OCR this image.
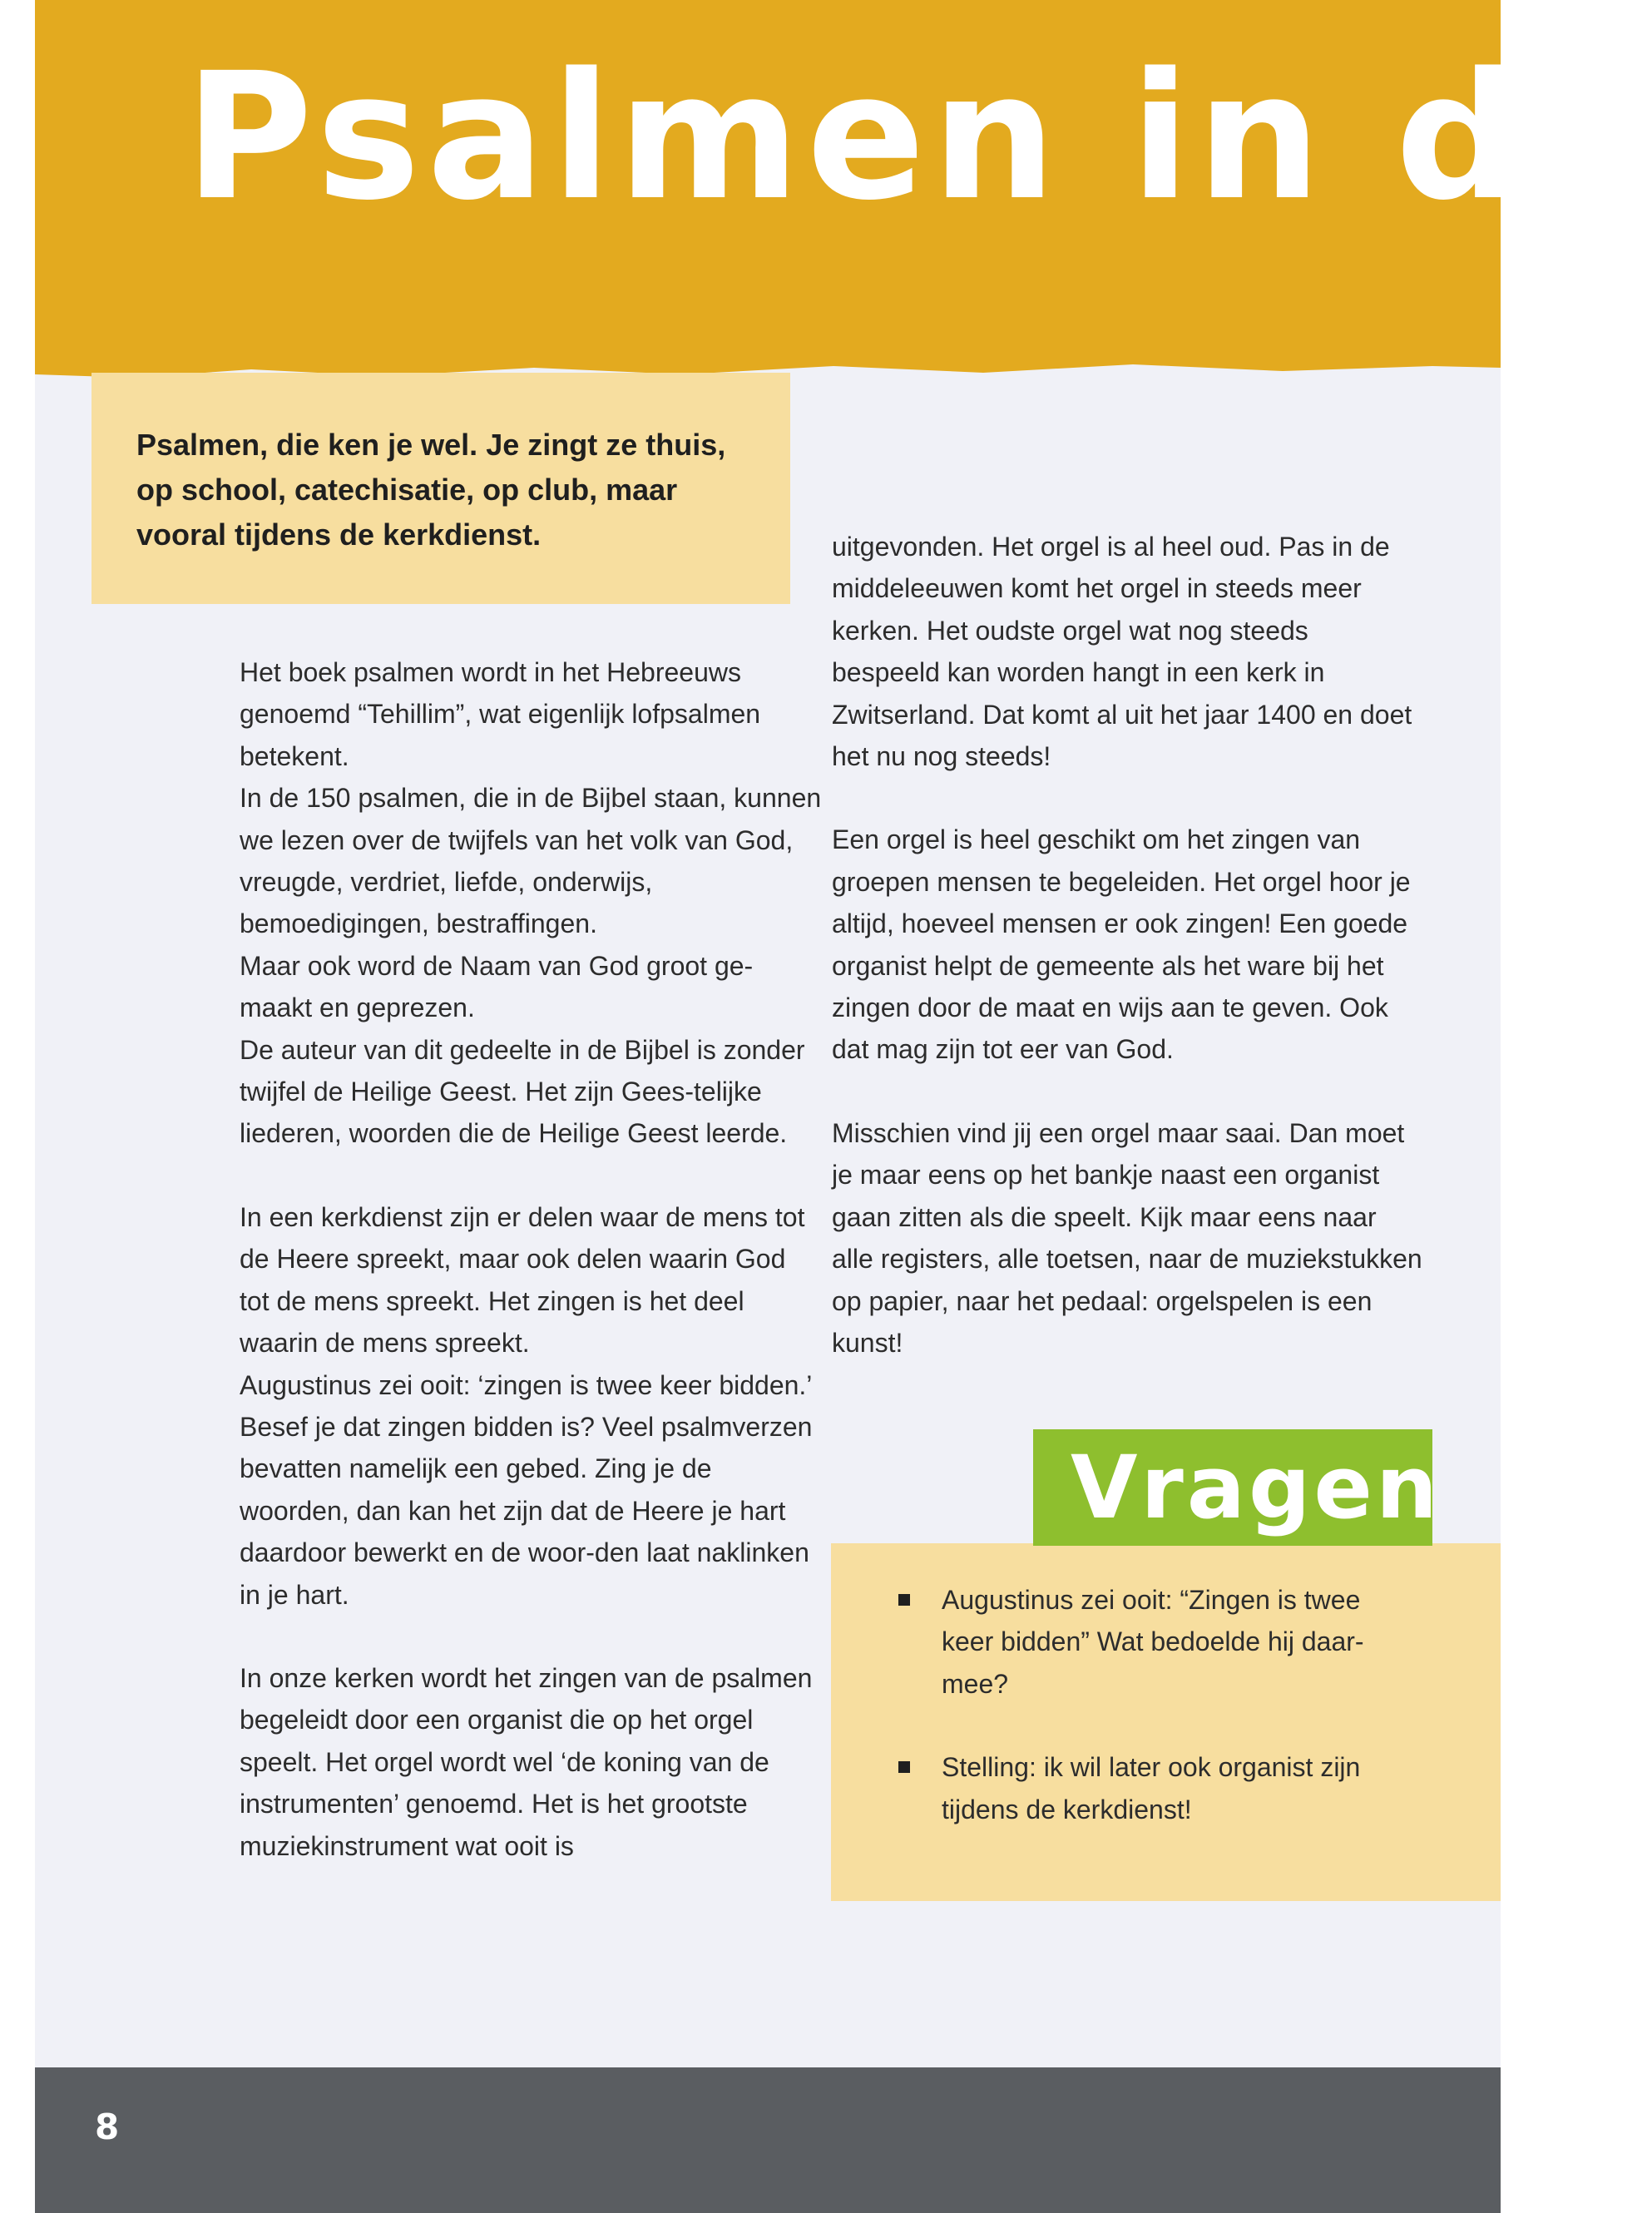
Psalmen in de
Psalmen, die ken je wel. Je zingt ze thuis, op school, catechisatie, op club, maar vooral tijdens de kerkdienst.

Het boek psalmen wordt in het Hebreeuws genoemd “Tehillim”, wat eigenlijk lofpsalmen betekent.
In de 150 psalmen, die in de Bijbel staan, kunnen we lezen over de twijfels van het volk van God, vreugde, verdriet, liefde, onderwijs, bemoedigingen, bestraffingen.
Maar ook word de Naam van God groot ge-maakt en geprezen.
De auteur van dit gedeelte in de Bijbel is zonder twijfel de Heilige Geest. Het zijn Gees-telijke liederen, woorden die de Heilige Geest leerde.

In een kerkdienst zijn er delen waar de mens tot de Heere spreekt, maar ook delen waarin God tot de mens spreekt. Het zingen is het deel waarin de mens spreekt.
Augustinus zei ooit: ‘zingen is twee keer bidden.’ Besef je dat zingen bidden is? Veel psalmverzen bevatten namelijk een gebed. Zing je de woorden, dan kan het zijn dat de Heere je hart daardoor bewerkt en de woor-den laat naklinken in je hart.

In onze kerken wordt het zingen van de psalmen begeleidt door een organist die op het orgel speelt. Het orgel wordt wel ‘de koning van de instrumenten’ genoemd. Het is het grootste muziekinstrument wat ooit is

uitgevonden. Het orgel is al heel oud. Pas in de middeleeuwen komt het orgel in steeds meer kerken. Het oudste orgel wat nog steeds bespeeld kan worden hangt in een kerk in Zwitserland. Dat komt al uit het jaar 1400 en doet het nu nog steeds!

Een orgel is heel geschikt om het zingen van groepen mensen te begeleiden. Het orgel hoor je altijd, hoeveel mensen er ook zingen! Een goede organist helpt de gemeente als het ware bij het zingen door de maat en wijs aan te geven. Ook dat mag zijn tot eer van God.

Misschien vind jij een orgel maar saai. Dan moet je maar eens op het bankje naast een organist gaan zitten als die speelt. Kijk maar eens naar alle registers, alle toetsen, naar de muziekstukken op papier, naar het pedaal: orgelspelen is een kunst!

Vragen
Augustinus zei ooit: “Zingen is twee keer bidden” Wat bedoelde hij daar-mee?
Stelling: ik wil later ook organist zijn tijdens de kerkdienst!
8
